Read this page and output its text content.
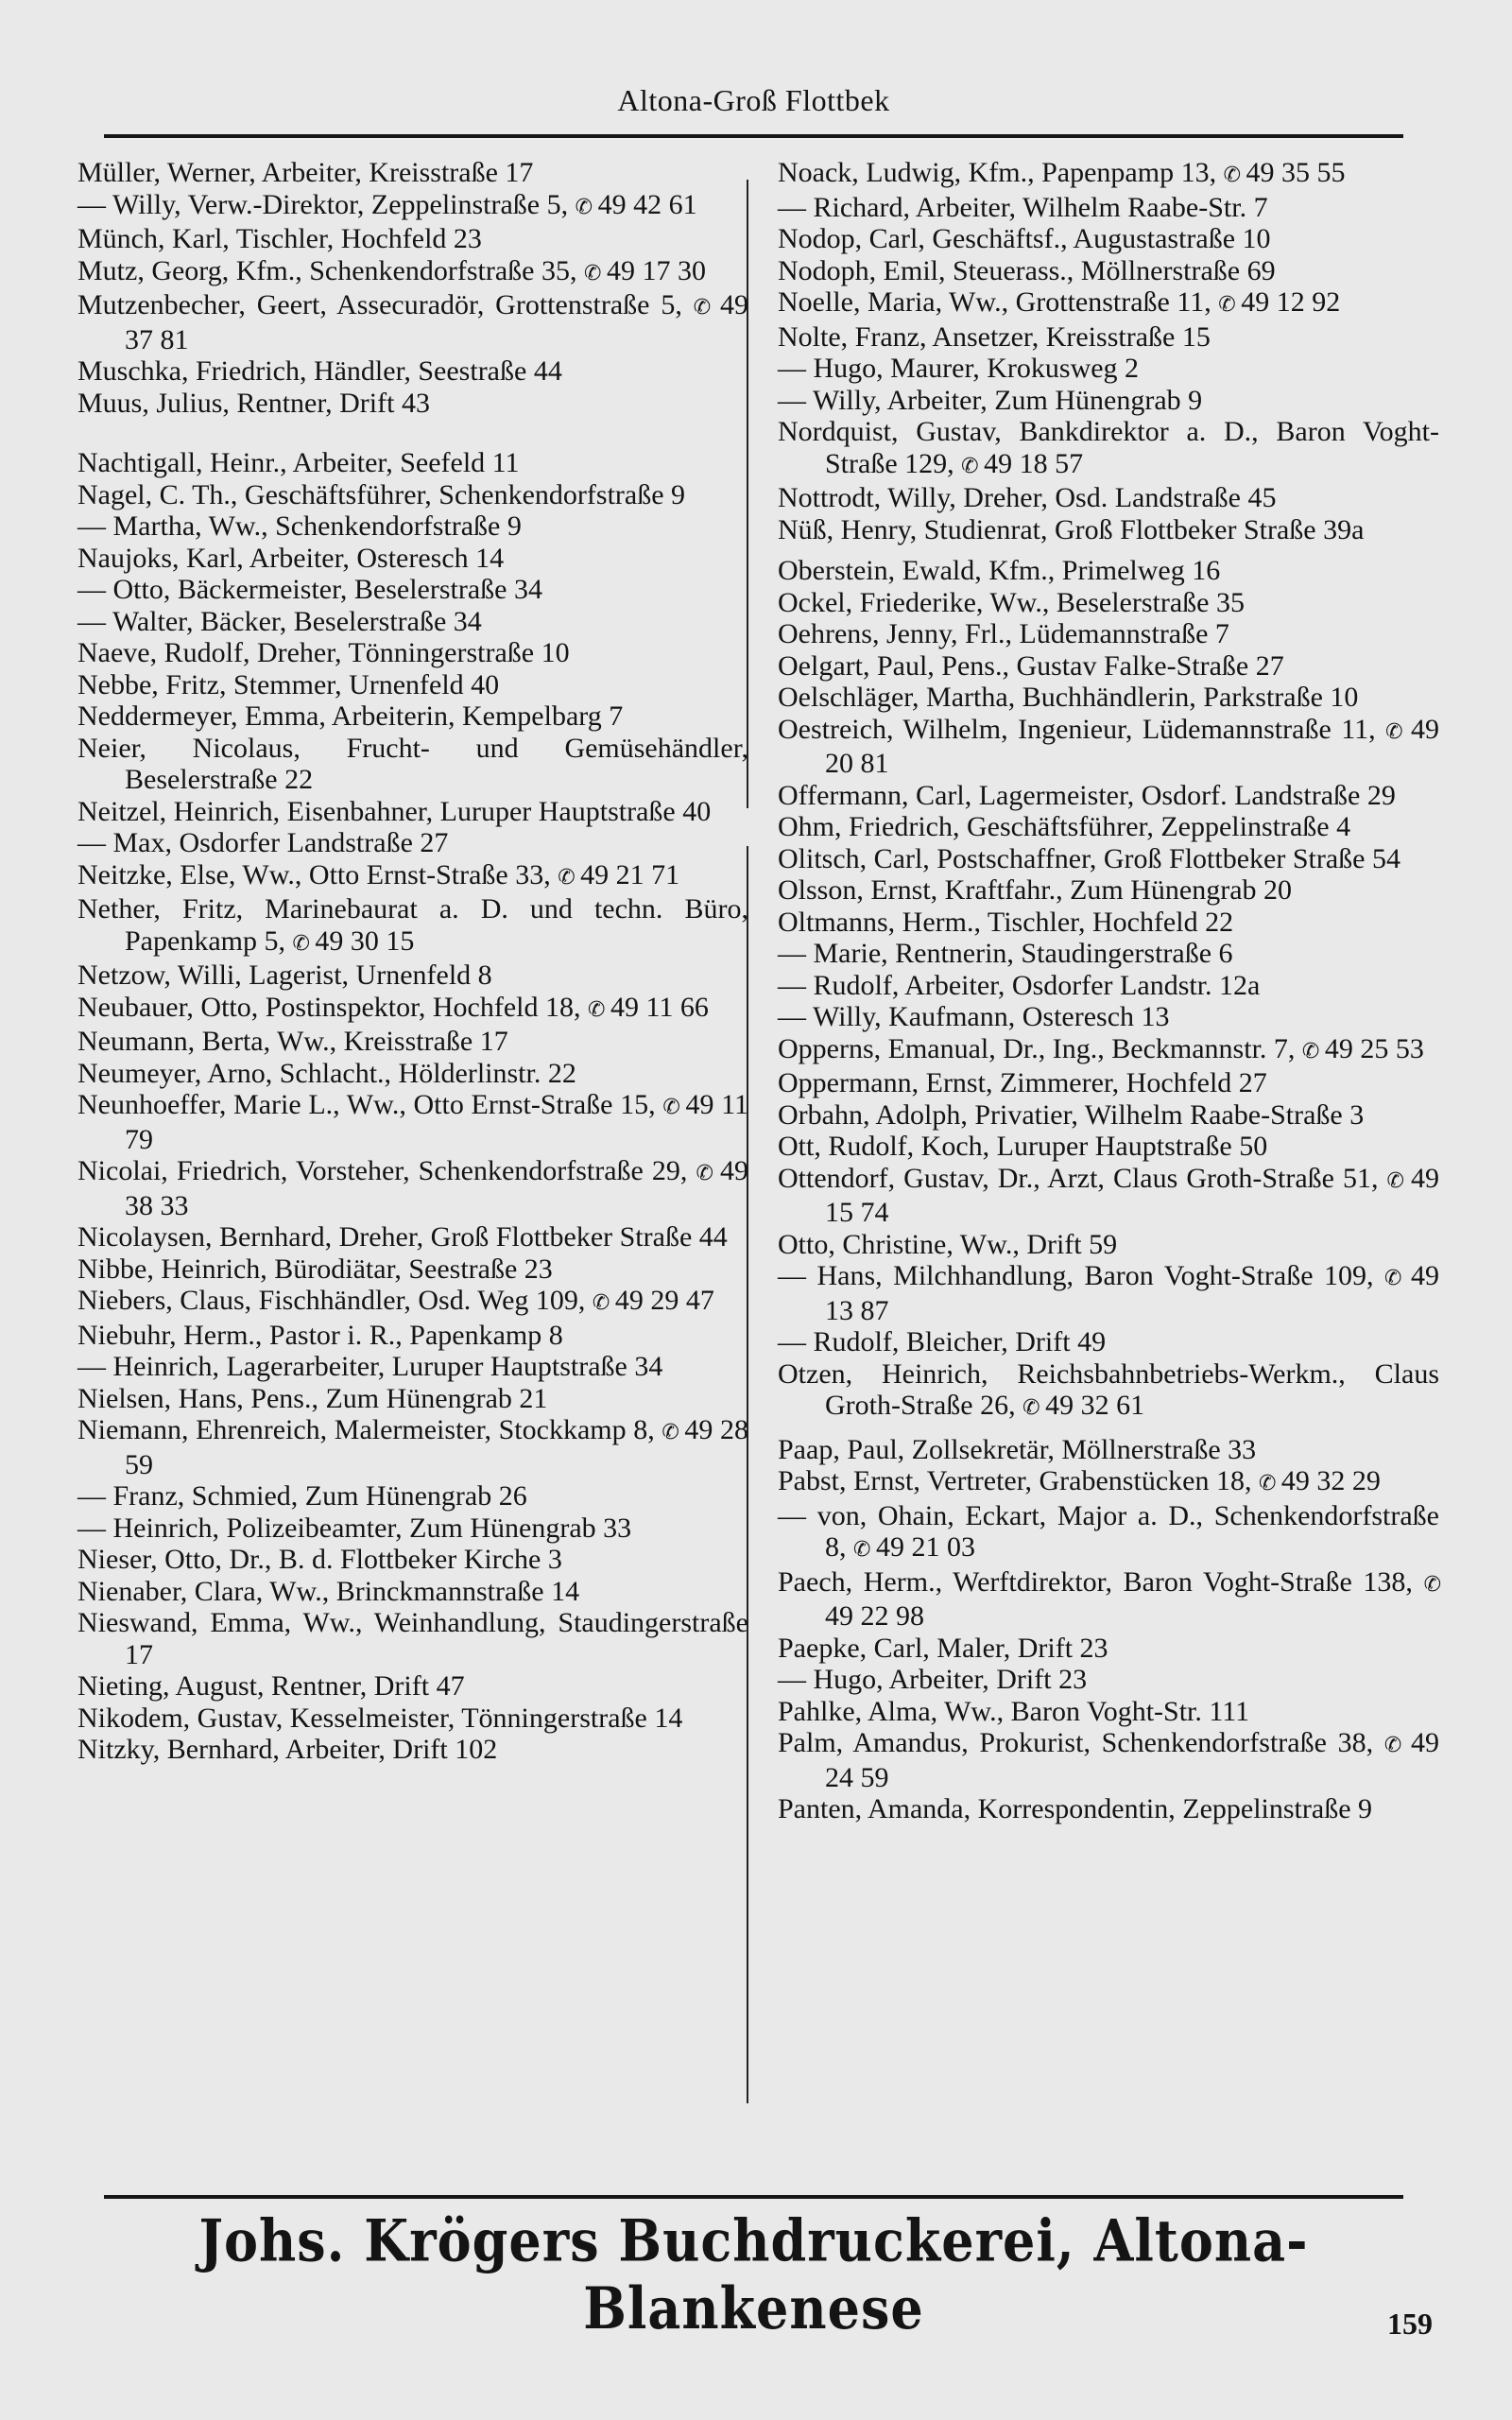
Altona-Groß Flottbek
Müller, Werner, Arbeiter, Kreisstraße 17
— Willy, Verw.-Direktor, Zeppelinstraße 5, ✆ 49 42 61
Münch, Karl, Tischler, Hochfeld 23
Mutz, Georg, Kfm., Schenkendorfstraße 35, ✆ 49 17 30
Mutzenbecher, Geert, Assecuradör, Grottenstraße 5, ✆ 49 37 81
Muschka, Friedrich, Händler, Seestraße 44
Muus, Julius, Rentner, Drift 43
Nachtigall, Heinr., Arbeiter, Seefeld 11
Nagel, C. Th., Geschäftsführer, Schenkendorfstraße 9
— Martha, Ww., Schenkendorfstraße 9
Naujoks, Karl, Arbeiter, Osteresch 14
— Otto, Bäckermeister, Beselerstraße 34
— Walter, Bäcker, Beselerstraße 34
Naeve, Rudolf, Dreher, Tönningerstraße 10
Nebbe, Fritz, Stemmer, Urnenfeld 40
Neddermeyer, Emma, Arbeiterin, Kempelbarg 7
Neier, Nicolaus, Frucht- und Gemüsehändler, Beselerstraße 22
Neitzel, Heinrich, Eisenbahner, Luruper Hauptstraße 40
— Max, Osdorfer Landstraße 27
Neitzke, Else, Ww., Otto Ernst-Straße 33, ✆ 49 21 71
Nether, Fritz, Marinebaurat a. D. und techn. Büro, Papenkamp 5, ✆ 49 30 15
Netzow, Willi, Lagerist, Urnenfeld 8
Neubauer, Otto, Postinspektor, Hochfeld 18, ✆ 49 11 66
Neumann, Berta, Ww., Kreisstraße 17
Neumeyer, Arno, Schlacht., Hölderlinstr. 22
Neunhoeffer, Marie L., Ww., Otto Ernst-Straße 15, ✆ 49 11 79
Nicolai, Friedrich, Vorsteher, Schenkendorfstraße 29, ✆ 49 38 33
Nicolaysen, Bernhard, Dreher, Groß Flottbeker Straße 44
Nibbe, Heinrich, Bürodiätar, Seestraße 23
Niebers, Claus, Fischhändler, Osd. Weg 109, ✆ 49 29 47
Niebuhr, Herm., Pastor i. R., Papenkamp 8
— Heinrich, Lagerarbeiter, Luruper Hauptstraße 34
Nielsen, Hans, Pens., Zum Hünengrab 21
Niemann, Ehrenreich, Malermeister, Stockkamp 8, ✆ 49 28 59
— Franz, Schmied, Zum Hünengrab 26
— Heinrich, Polizeibeamter, Zum Hünengrab 33
Nieser, Otto, Dr., B. d. Flottbeker Kirche 3
Nienaber, Clara, Ww., Brinckmannstraße 14
Nieswand, Emma, Ww., Weinhandlung, Staudingerstraße 17
Nieting, August, Rentner, Drift 47
Nikodem, Gustav, Kesselmeister, Tönningerstraße 14
Nitzky, Bernhard, Arbeiter, Drift 102
Noack, Ludwig, Kfm., Papenpamp 13, ✆ 49 35 55
— Richard, Arbeiter, Wilhelm Raabe-Str. 7
Nodop, Carl, Geschäftsf., Augustastraße 10
Nodoph, Emil, Steuerass., Möllnerstraße 69
Noelle, Maria, Ww., Grottenstraße 11, ✆ 49 12 92
Nolte, Franz, Ansetzer, Kreisstraße 15
— Hugo, Maurer, Krokusweg 2
— Willy, Arbeiter, Zum Hünengrab 9
Nordquist, Gustav, Bankdirektor a. D., Baron Voght-Straße 129, ✆ 49 18 57
Nottrodt, Willy, Dreher, Osd. Landstraße 45
Nüß, Henry, Studienrat, Groß Flottbeker Straße 39a
Oberstein, Ewald, Kfm., Primelweg 16
Ockel, Friederike, Ww., Beselerstraße 35
Oehrens, Jenny, Frl., Lüdemannstraße 7
Oelgart, Paul, Pens., Gustav Falke-Straße 27
Oelschläger, Martha, Buchhändlerin, Parkstraße 10
Oestreich, Wilhelm, Ingenieur, Lüdemannstraße 11, ✆ 49 20 81
Offermann, Carl, Lagermeister, Osdorf. Landstraße 29
Ohm, Friedrich, Geschäftsführer, Zeppelinstraße 4
Olitsch, Carl, Postschaffner, Groß Flottbeker Straße 54
Olsson, Ernst, Kraftfahr., Zum Hünengrab 20
Oltmanns, Herm., Tischler, Hochfeld 22
— Marie, Rentnerin, Staudingerstraße 6
— Rudolf, Arbeiter, Osdorfer Landstr. 12a
— Willy, Kaufmann, Osteresch 13
Opperns, Emanual, Dr., Ing., Beckmannstr. 7, ✆ 49 25 53
Oppermann, Ernst, Zimmerer, Hochfeld 27
Orbahn, Adolph, Privatier, Wilhelm Raabe-Straße 3
Ott, Rudolf, Koch, Luruper Hauptstraße 50
Ottendorf, Gustav, Dr., Arzt, Claus Groth-Straße 51, ✆ 49 15 74
Otto, Christine, Ww., Drift 59
— Hans, Milchhandlung, Baron Voght-Straße 109, ✆ 49 13 87
— Rudolf, Bleicher, Drift 49
Otzen, Heinrich, Reichsbahnbetriebs-Werkm., Claus Groth-Straße 26, ✆ 49 32 61
Paap, Paul, Zollsekretär, Möllnerstraße 33
Pabst, Ernst, Vertreter, Grabenstücken 18, ✆ 49 32 29
— von, Ohain, Eckart, Major a. D., Schenkendorfstraße 8, ✆ 49 21 03
Paech, Herm., Werftdirektor, Baron Voght-Straße 138, ✆ 49 22 98
Paepke, Carl, Maler, Drift 23
— Hugo, Arbeiter, Drift 23
Pahlke, Alma, Ww., Baron Voght-Str. 111
Palm, Amandus, Prokurist, Schenkendorfstraße 38, ✆ 49 24 59
Panten, Amanda, Korrespondentin, Zeppelinstraße 9
Johs. Krögers Buchdruckerei, Altona-Blankenese	159
